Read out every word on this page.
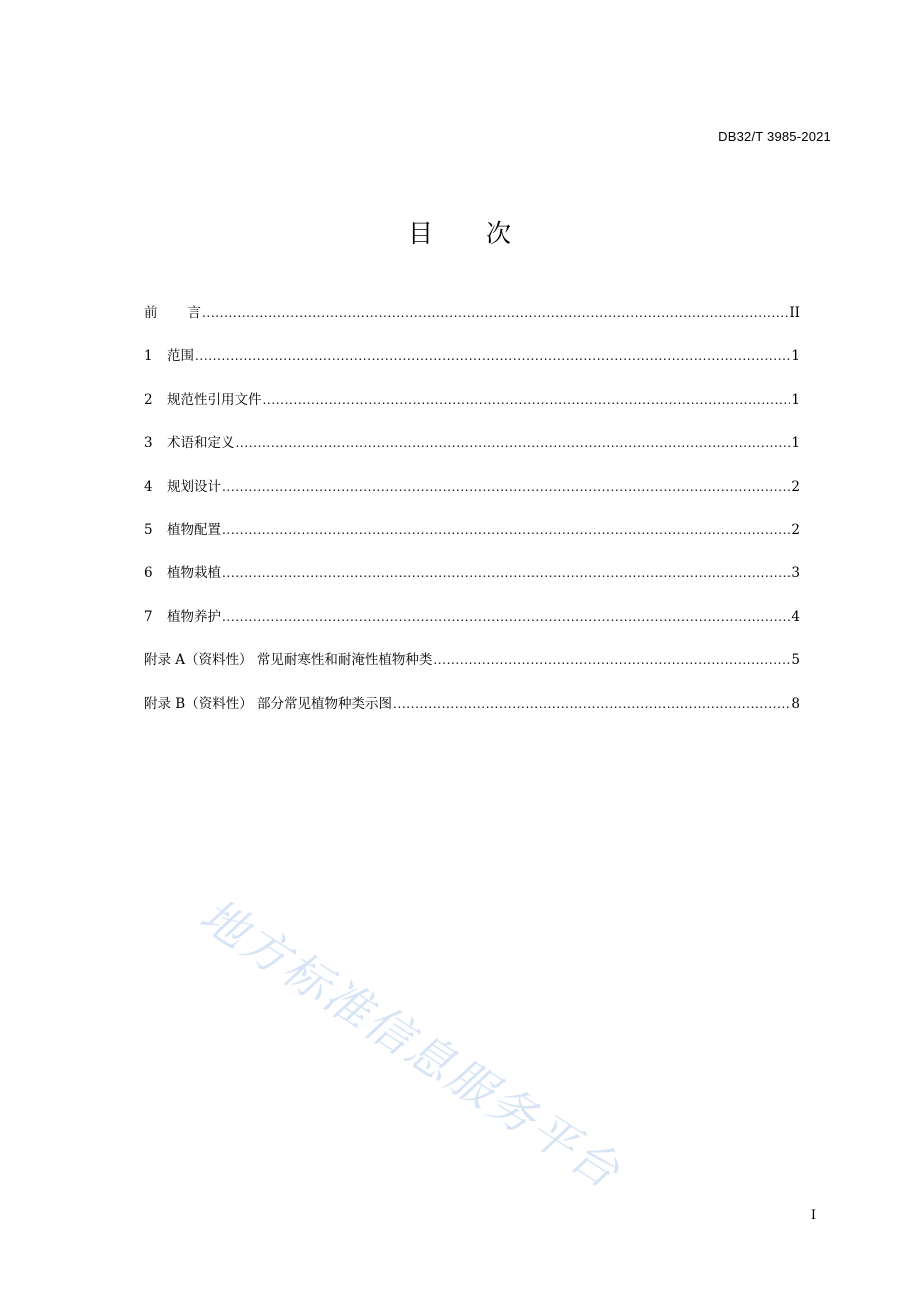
DB32/T 3985-2021
目 次
前 言 .....	II
1	范围 .....	1
2	规范性引用文件 .....	1
3	术语和定义 .....	1
4	规划设计 .....	2
5	植物配置 .....	2
6	植物栽植 .....	3
7	植物养护 .....	4
附录 A（资料性） 常见耐寒性和耐淹性植物种类 .....	5
附录 B（资料性） 部分常见植物种类示图 .....	8
地方标准信息服务平台
I
